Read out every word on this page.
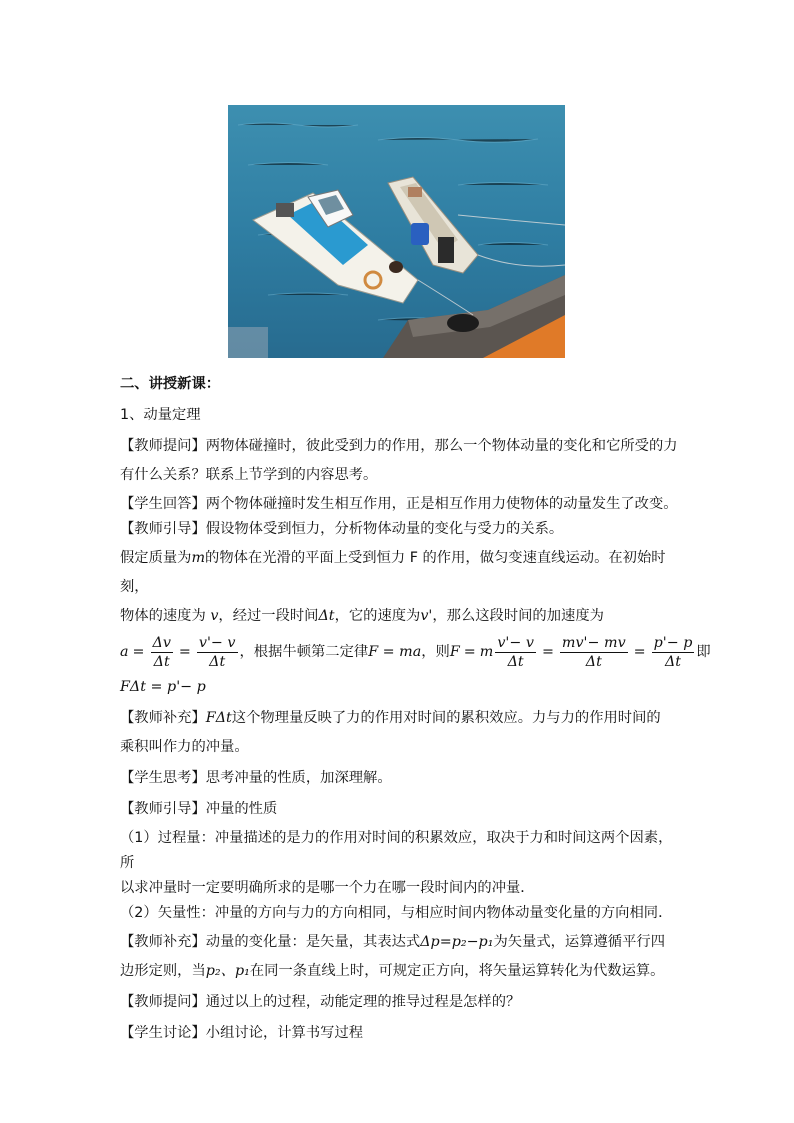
二、讲授新课：

1、动量定理

【教师提问】两物体碰撞时，彼此受到力的作用，那么一个物体动量的变化和它所受的力
有什么关系？联系上节学到的内容思考。

【学生回答】两个物体碰撞时发生相互作用，正是相互作用力使物体的动量发生了改变。

【教师引导】假设物体受到恒力，分析物体动量的变化与受力的关系。

假定质量为m的物体在光滑的平面上受到恒力 F 的作用，做匀变速直线运动。在初始时刻，
物体的速度为 v，经过一段时间Δt，它的速度为v'，那么这段时间的加速度为

$a = \frac{\Delta v}{\Delta t} = \frac{v'- v}{\Delta t}$ ，根据牛顿第二定律 F = ma ，则 F = m $\frac{v'- v}{\Delta t} = \frac{mv'- mv}{\Delta t} = \frac{p'- p}{\Delta t}$ 即

FΔt = p'− p

【教师补充】FΔt这个物理量反映了力的作用对时间的累积效应。力与力的作用时间的
乘积叫作力的冲量。

【学生思考】思考冲量的性质，加深理解。

【教师引导】冲量的性质

（1）过程量：冲量描述的是力的作用对时间的积累效应，取决于力和时间这两个因素，所
以求冲量时一定要明确所求的是哪一个力在哪一段时间内的冲量．

（2）矢量性：冲量的方向与力的方向相同，与相应时间内物体动量变化量的方向相同．

【教师补充】动量的变化量：是矢量，其表达式Δp=p₂−p₁为矢量式，运算遵循平行四
边形定则，当p₂、p₁在同一条直线上时，可规定正方向，将矢量运算转化为代数运算。

【教师提问】通过以上的过程，动能定理的推导过程是怎样的？

【学生讨论】小组讨论，计算书写过程
